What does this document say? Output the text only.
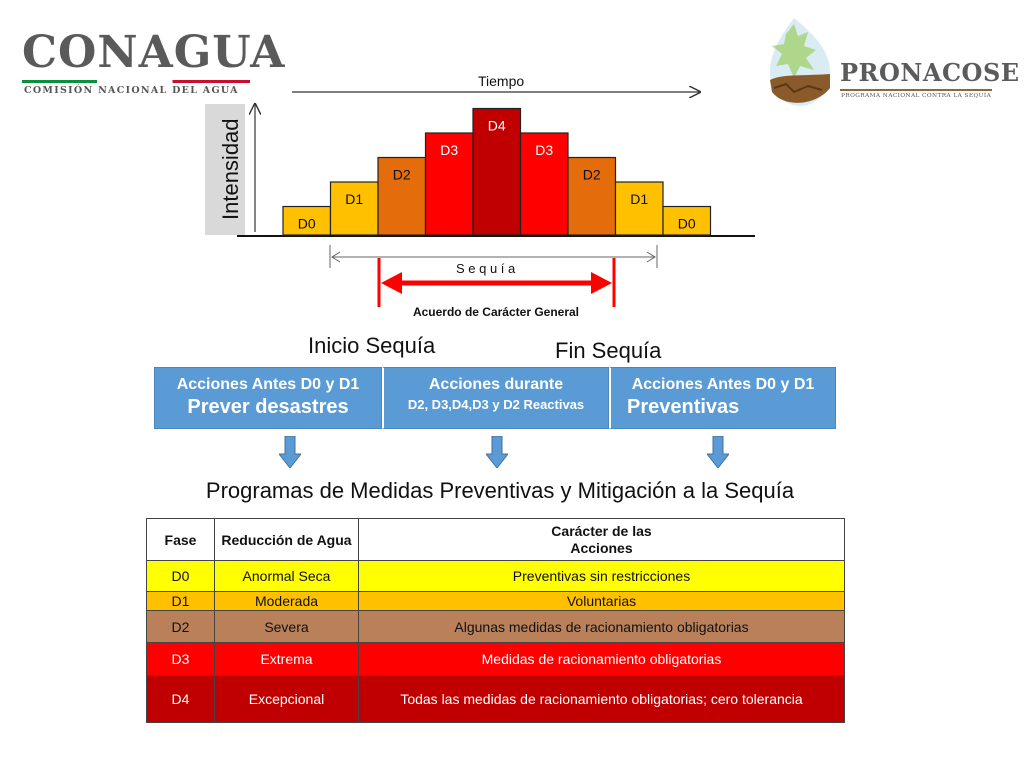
CONAGUA
COMISIÓN NACIONAL DEL AGUA
PRONACOSE
PROGRAMA NACIONAL CONTRA LA SEQUÍA
Tiempo
Intensidad
D0
D1
D2
D3
D4
D3
D2
D1
D0
S e q u í a
Acuerdo de Carácter General
Inicio Sequía	Fin Sequía
Acciones Antes D0 y D1
Prever desastres
Acciones durante
D2, D3,D4,D3 y D2 Reactivas
Acciones Antes D0 y D1
Preventivas
Programas de Medidas Preventivas y Mitigación a la Sequía
Fase	Reducción de Agua	Carácter de las Acciones

D0	Anormal Seca	Preventivas sin restricciones
D1	Moderada	Voluntarias
D2	Severa	Algunas medidas de racionamiento obligatorias
D3	Extrema	Medidas de racionamiento obligatorias
D4	Excepcional	Todas las medidas de racionamiento obligatorias; cero tolerancia
